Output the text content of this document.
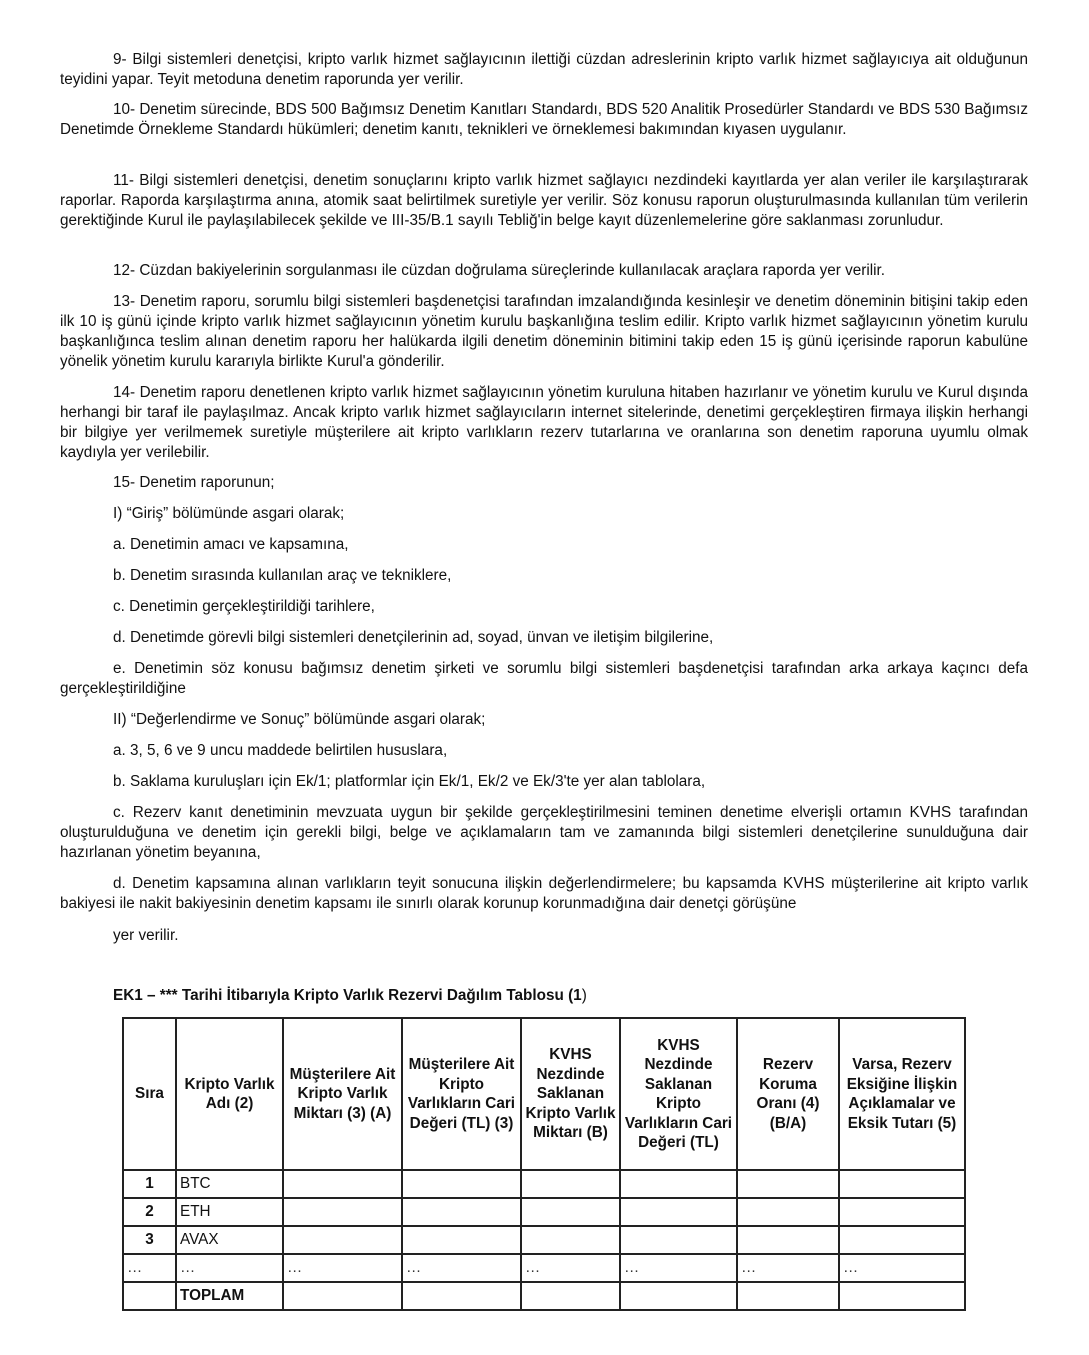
9- Bilgi sistemleri denetçisi, kripto varlık hizmet sağlayıcının ilettiği cüzdan adreslerinin kripto varlık hizmet sağlayıcıya ait olduğunun teyidini yapar. Teyit metoduna denetim raporunda yer verilir.

10- Denetim sürecinde, BDS 500 Bağımsız Denetim Kanıtları Standardı, BDS 520 Analitik Prosedürler Standardı ve BDS 530 Bağımsız Denetimde Örnekleme Standardı hükümleri; denetim kanıtı, teknikleri ve örneklemesi bakımından kıyasen uygulanır.

11- Bilgi sistemleri denetçisi, denetim sonuçlarını kripto varlık hizmet sağlayıcı nezdindeki kayıtlarda yer alan veriler ile karşılaştırarak raporlar. Raporda karşılaştırma anına, atomik saat belirtilmek suretiyle yer verilir. Söz konusu raporun oluşturulmasında kullanılan tüm verilerin gerektiğinde Kurul ile paylaşılabilecek şekilde ve III-35/B.1 sayılı Tebliğ'in belge kayıt düzenlemelerine göre saklanması zorunludur.

12- Cüzdan bakiyelerinin sorgulanması ile cüzdan doğrulama süreçlerinde kullanılacak araçlara raporda yer verilir.

13- Denetim raporu, sorumlu bilgi sistemleri başdenetçisi tarafından imzalandığında kesinleşir ve denetim döneminin bitişini takip eden ilk 10 iş günü içinde kripto varlık hizmet sağlayıcının yönetim kurulu başkanlığına teslim edilir. Kripto varlık hizmet sağlayıcının yönetim kurulu başkanlığınca teslim alınan denetim raporu her halükarda ilgili denetim döneminin bitimini takip eden 15 iş günü içerisinde raporun kabulüne yönelik yönetim kurulu kararıyla birlikte Kurul'a gönderilir.

14- Denetim raporu denetlenen kripto varlık hizmet sağlayıcının yönetim kuruluna hitaben hazırlanır ve yönetim kurulu ve Kurul dışında herhangi bir taraf ile paylaşılmaz. Ancak kripto varlık hizmet sağlayıcıların internet sitelerinde, denetimi gerçekleştiren firmaya ilişkin herhangi bir bilgiye yer verilmemek suretiyle müşterilere ait kripto varlıkların rezerv tutarlarına ve oranlarına son denetim raporuna uyumlu olmak kaydıyla yer verilebilir.

15- Denetim raporunun;

I) “Giriş” bölümünde asgari olarak;

a. Denetimin amacı ve kapsamına,

b. Denetim sırasında kullanılan araç ve tekniklere,

c. Denetimin gerçekleştirildiği tarihlere,

d. Denetimde görevli bilgi sistemleri denetçilerinin ad, soyad, ünvan ve iletişim bilgilerine,

e. Denetimin söz konusu bağımsız denetim şirketi ve sorumlu bilgi sistemleri başdenetçisi tarafından arka arkaya kaçıncı defa gerçekleştirildiğine

II) “Değerlendirme ve Sonuç” bölümünde asgari olarak;

a. 3, 5, 6 ve 9 uncu maddede belirtilen hususlara,

b. Saklama kuruluşları için Ek/1; platformlar için Ek/1, Ek/2 ve Ek/3'te yer alan tablolara,

c. Rezerv kanıt denetiminin mevzuata uygun bir şekilde gerçekleştirilmesini teminen denetime elverişli ortamın KVHS tarafından oluşturulduğuna ve denetim için gerekli bilgi, belge ve açıklamaların tam ve zamanında bilgi sistemleri denetçilerine sunulduğuna dair hazırlanan yönetim beyanına,

d. Denetim kapsamına alınan varlıkların teyit sonucuna ilişkin değerlendirmelere; bu kapsamda KVHS müşterilerine ait kripto varlık bakiyesi ile nakit bakiyesinin denetim kapsamı ile sınırlı olarak korunup korunmadığına dair denetçi görüşüne

yer verilir.

EK1 – *** Tarihi İtibarıyla Kripto Varlık Rezervi Dağılım Tablosu (1)
Sıra	Kripto Varlık Adı (2)	Müşterilere Ait Kripto Varlık Miktarı (3) (A)	Müşterilere Ait Kripto Varlıkların Cari Değeri (TL) (3)	KVHS Nezdinde Saklanan Kripto Varlık Miktarı (B)	KVHS Nezdinde Saklanan Kripto Varlıkların Cari Değeri (TL)	Rezerv Koruma Oranı (4) (B/A)	Varsa, Rezerv Eksiğine İlişkin Açıklamalar ve Eksik Tutarı (5)
1	BTC						
2	ETH						
3	AVAX						
…	…	…	…	…	…	…	…
	TOPLAM						
